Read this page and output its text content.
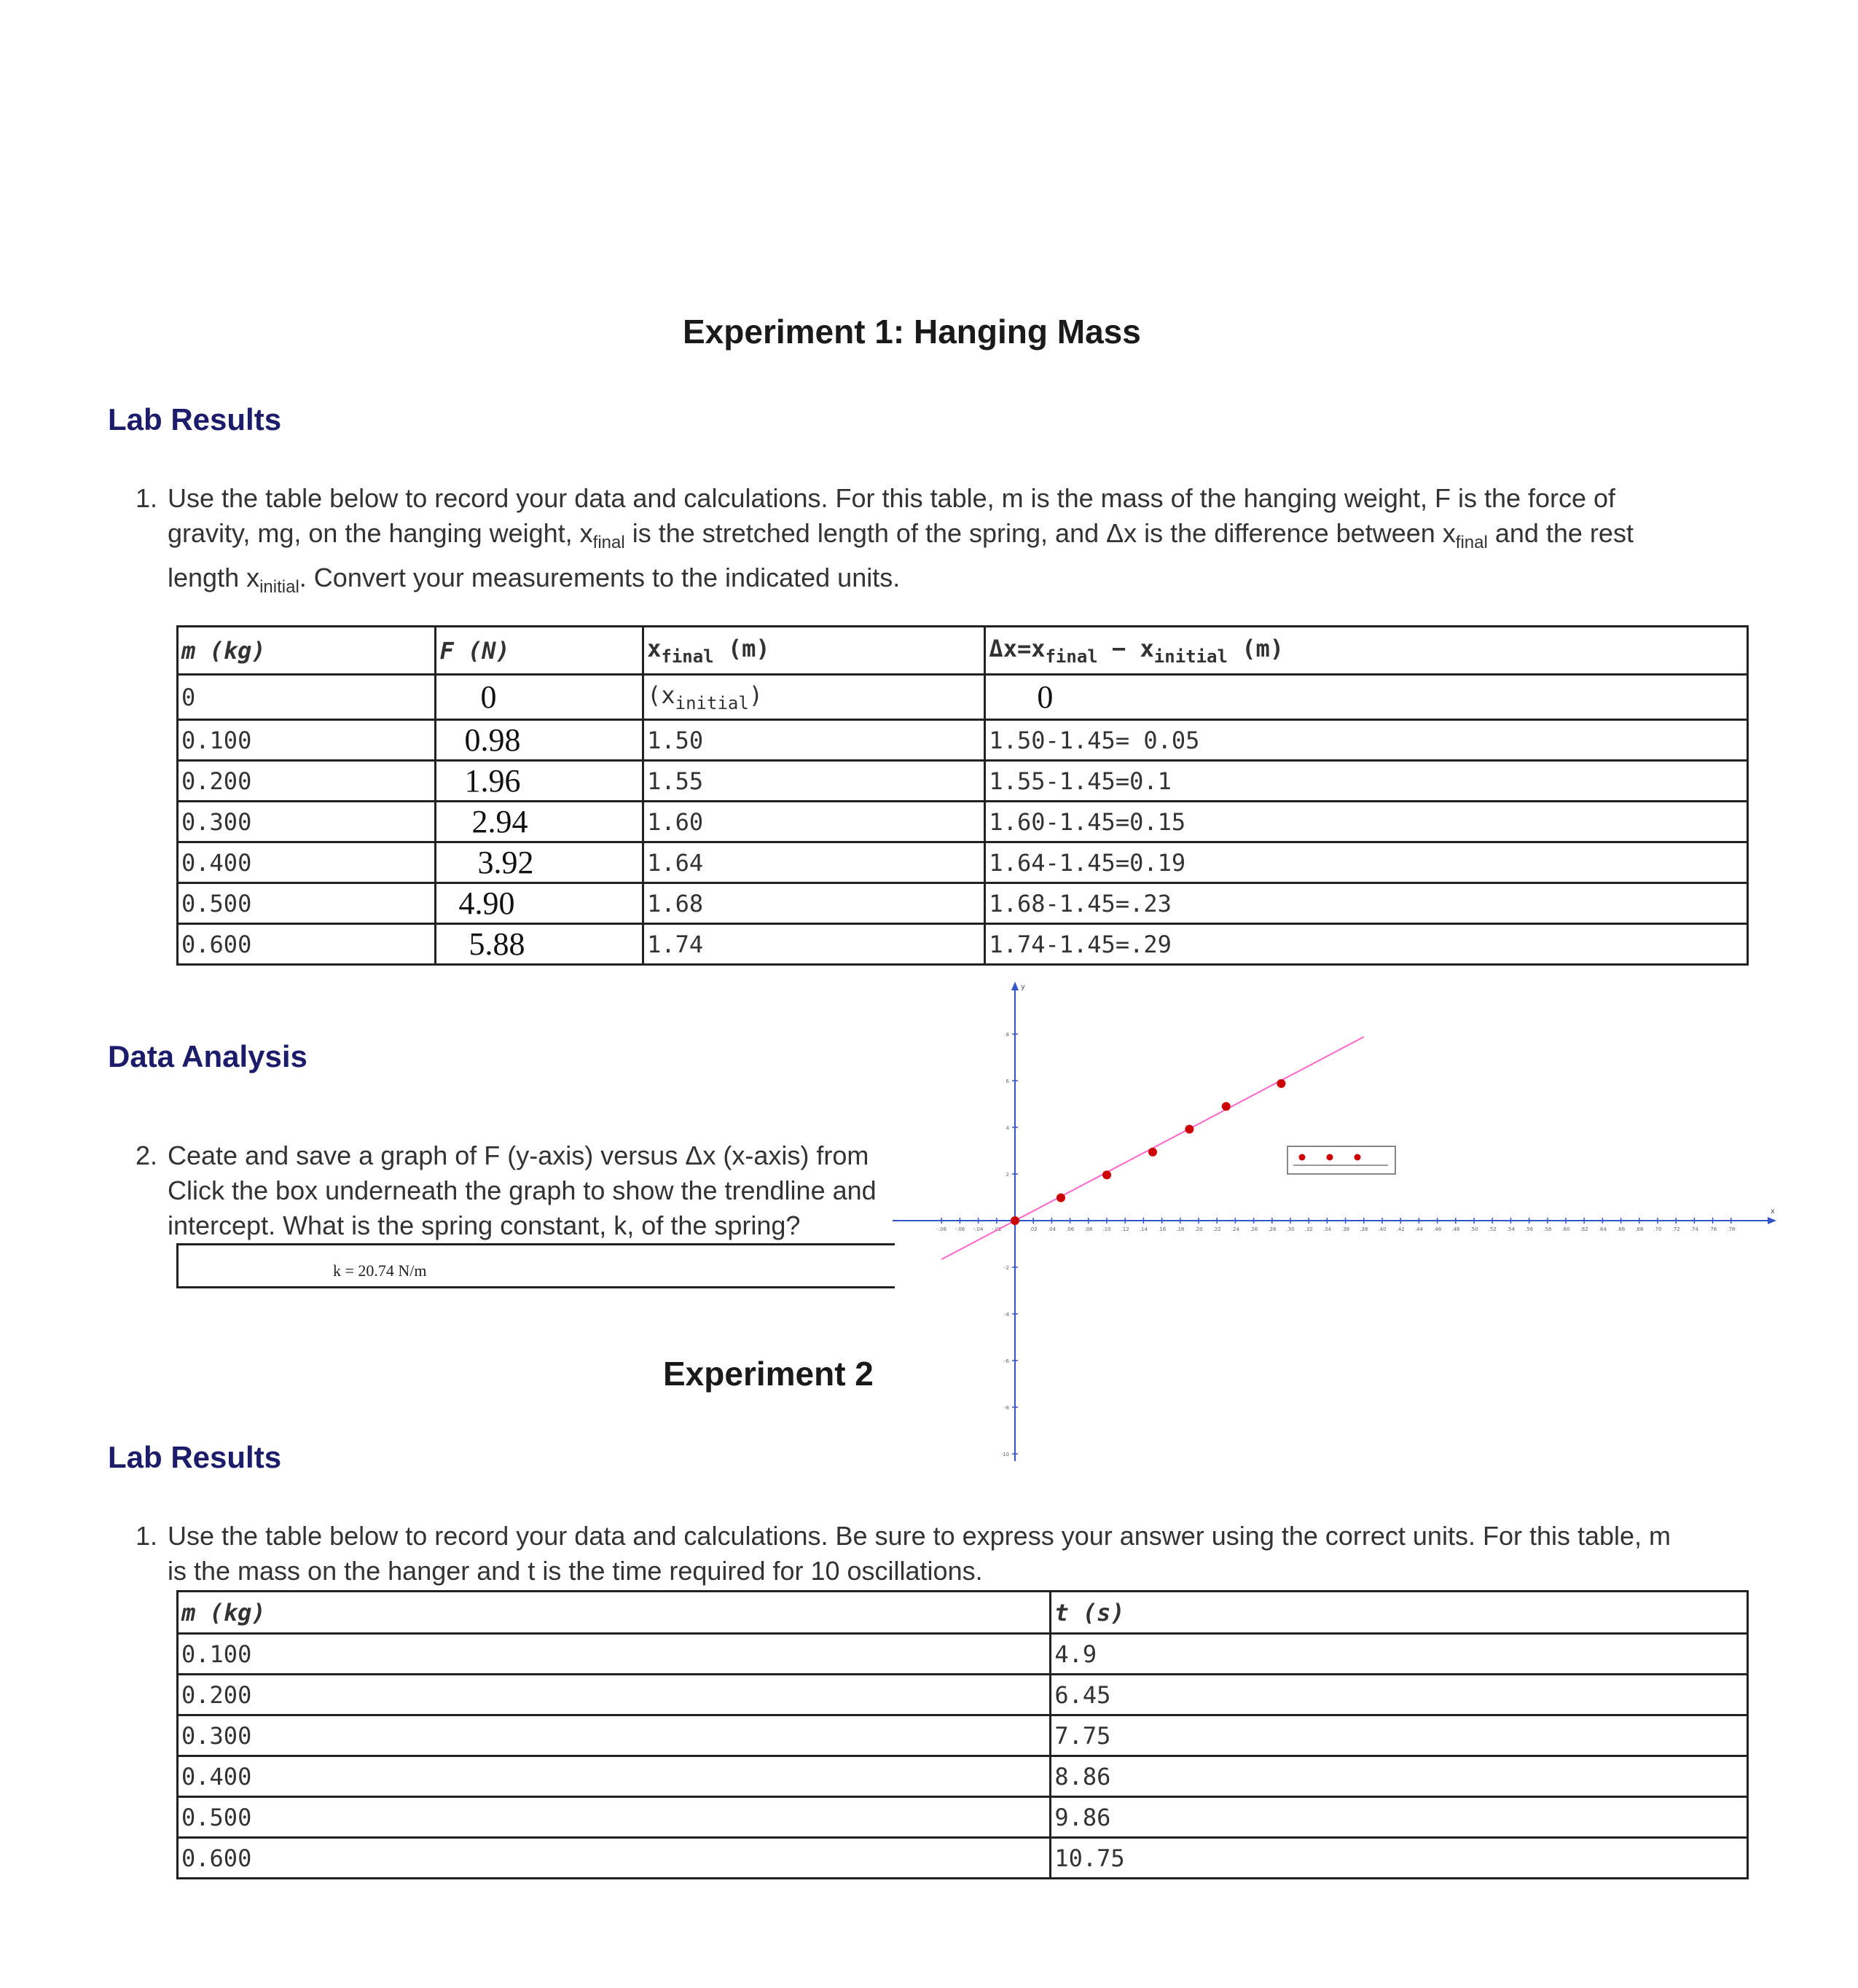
Experiment 1: Hanging Mass
Lab Results
1. Use the table below to record your data and calculations. For this table, m is the mass of the hanging weight, F is the force of
gravity, mg, on the hanging weight, $x_{final}$ is the stretched length of the spring, and Δx is the difference between $x_{final}$ and the rest
length $x_{initial}$. Convert your measurements to the indicated units.
m (kg)	F (N)	$x_{final}$ (m)	$\Delta x=x_{final} - x_{initial}$ (m)
0	0	$(x_{initial})$	0
0.100	0.98	1.50	1.50-1.45= 0.05
0.200	1.96	1.55	1.55-1.45=0.1
0.300	2.94	1.60	1.60-1.45=0.15
0.400	3.92	1.64	1.64-1.45=0.19
0.500	4.90	1.68	1.68-1.45=.23
0.600	5.88	1.74	1.74-1.45=.29
Data Analysis
Ceate and save a graph of F (y-axis) versus Δx (x-axis) from
Click the box underneath the graph to show the trendline and
intercept. What is the spring constant, k, of the spring?
2.
k = 20.74 N/m
x
y
-.08 -.06 -.04 -.02	.02 .04 .06 .08 .10 .12 .14 .16 .18 .20 .22 .24 .26 .28 .30 .32 .34 .36 .38 .40 .42 .44 .46 .48 .50 .52 .54 .56 .58 .60 .62 .64 .66 .68 .70 .72 .74 .76 .78
-10
-8
-6
-4
-2
2
4
6
8
Experiment 2
Lab Results
1. Use the table below to record your data and calculations. Be sure to express your answer using the correct units. For this table, m
is the mass on the hanger and t is the time required for 10 oscillations.
m (kg)	t (s)
0.100	4.9
0.200	6.45
0.300	7.75
0.400	8.86
0.500	9.86
0.600	10.75
